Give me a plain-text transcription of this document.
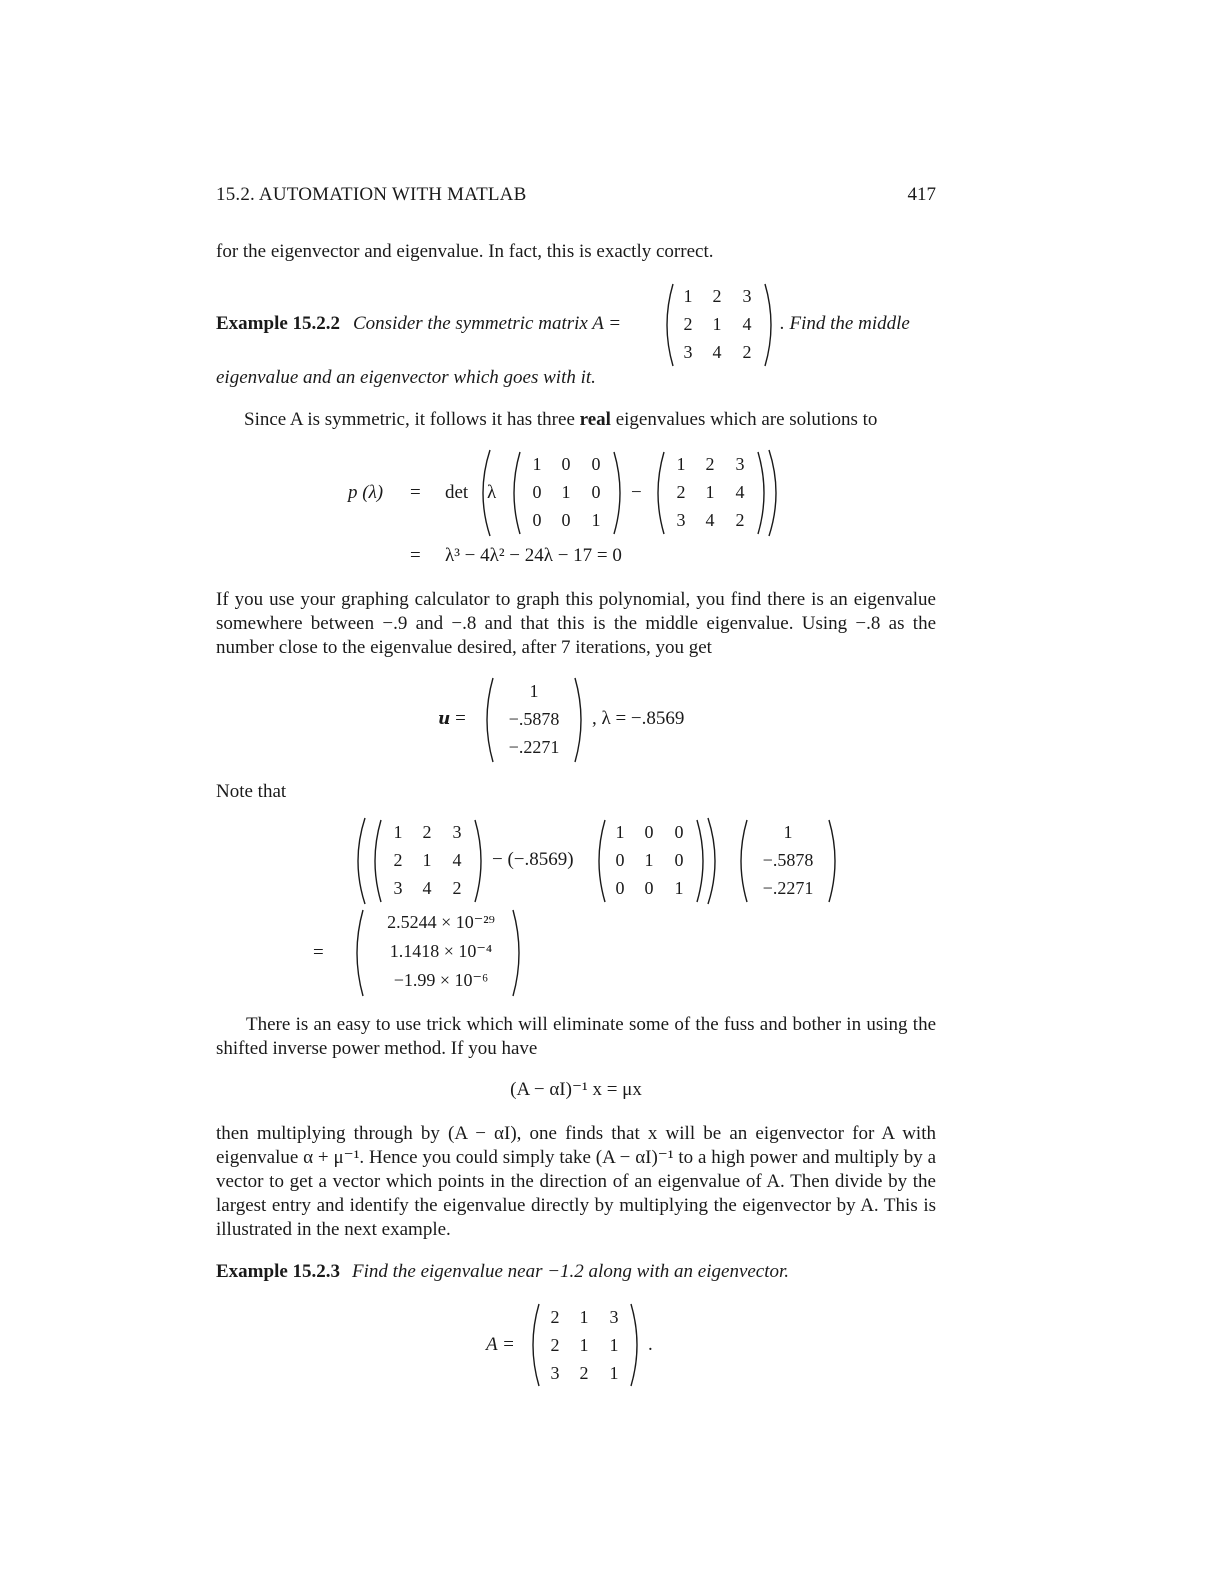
15.2. AUTOMATION WITH MATLAB	417
for the eigenvector and eigenvalue. In fact, this is exactly correct.
Example 15.2.2 Consider the symmetric matrix A =
1	2	3
2	1	4
3	4	2
. Find the middle
eigenvalue and an eigenvector which goes with it.
Since A is symmetric, it follows it has three real eigenvalues which are solutions to
p (λ) = det λ
1	0	0
0	1	0
0	0	1
−
1	2	3
2	1	4
3	4	2
= λ³ − 4λ² − 24λ − 17 = 0
If you use your graphing calculator to graph this polynomial, you find there is an eigenvalue somewhere between −.9 and −.8 and that this is the middle eigenvalue. Using −.8 as the number close to the eigenvalue desired, after 7 iterations, you get
u =
1
−.5878
−.2271
, λ = −.8569
Note that
1	2	3
2	1	4
3	4	2
− (−.8569)
1	0	0
0	1	0
0	0	1
1
−.5878
−.2271
=
2.5244 × 10⁻²⁹
1.1418 × 10⁻⁴
−1.99 × 10⁻⁶
There is an easy to use trick which will eliminate some of the fuss and bother in using the shifted inverse power method. If you have
(A − αI)⁻¹ x = μx
then multiplying through by (A − αI), one finds that x will be an eigenvector for A with eigenvalue α + μ⁻¹. Hence you could simply take (A − αI)⁻¹ to a high power and multiply by a vector to get a vector which points in the direction of an eigenvalue of A. Then divide by the largest entry and identify the eigenvalue directly by multiplying the eigenvector by A. This is illustrated in the next example.
Example 15.2.3 Find the eigenvalue near −1.2 along with an eigenvector.
A =
2	1	3
2	1	1
3	2	1
.
